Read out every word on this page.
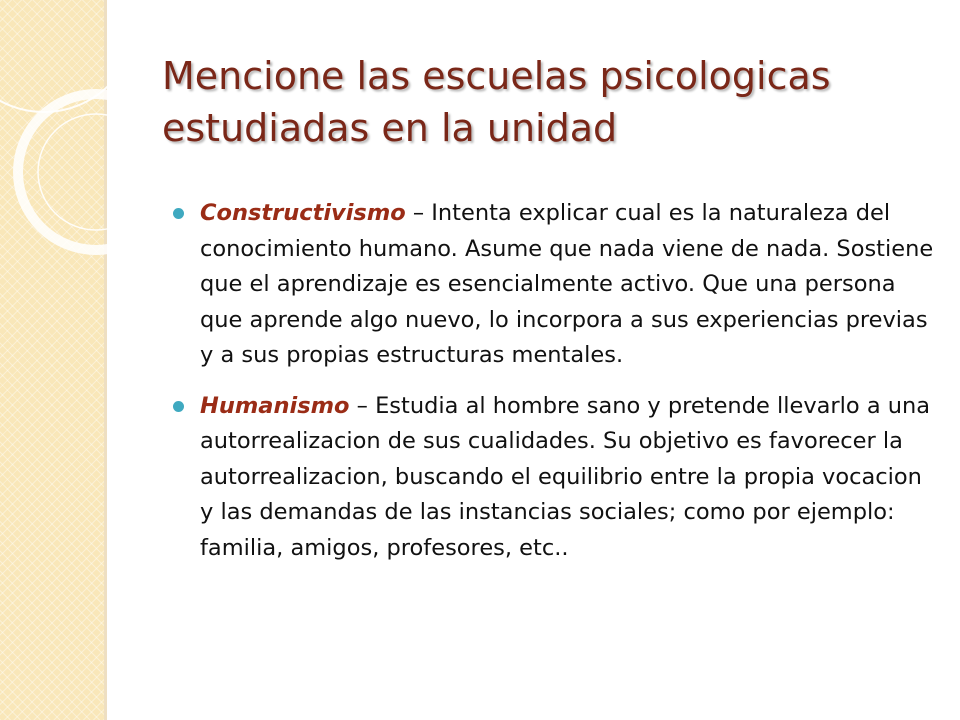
Mencione las escuelas psicologicas estudiadas en la unidad
Constructivismo – Intenta explicar cual es la naturaleza del conocimiento humano. Asume que nada viene de nada. Sostiene que el aprendizaje es esencialmente activo. Que una persona que aprende algo nuevo, lo incorpora a sus experiencias previas y a sus propias estructuras mentales.
Humanismo – Estudia al hombre sano y pretende llevarlo a una autorrealizacion de sus cualidades. Su objetivo es favorecer la autorrealizacion, buscando el equilibrio entre la propia vocacion y las demandas de las instancias sociales; como por ejemplo: familia, amigos, profesores, etc..
